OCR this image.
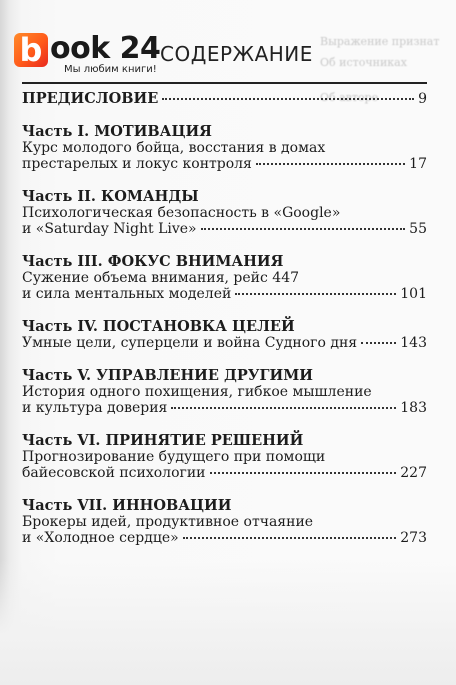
Выражение признат
Об источниках
Об авторе
b ook 24
Мы любим книги!
СОДЕРЖАНИЕ
ПРЕДИСЛОВИЕ	9
Часть I. МОТИВАЦИЯ
Курс молодого бойца, восстания в домах
престарелых и локус контроля	17
Часть II. КОМАНДЫ
Психологическая безопасность в «Google»
и «Saturday Night Live»	55
Часть III. ФОКУС ВНИМАНИЯ
Сужение объема внимания, рейс 447
и сила ментальных моделей	101
Часть IV. ПОСТАНОВКА ЦЕЛЕЙ
Умные цели, суперцели и война Судного дня	143
Часть V. УПРАВЛЕНИЕ ДРУГИМИ
История одного похищения, гибкое мышление
и культура доверия	183
Часть VI. ПРИНЯТИЕ РЕШЕНИЙ
Прогнозирование будущего при помощи
байесовской психологии	227
Часть VII. ИННОВАЦИИ
Брокеры идей, продуктивное отчаяние
и «Холодное сердце»	273
